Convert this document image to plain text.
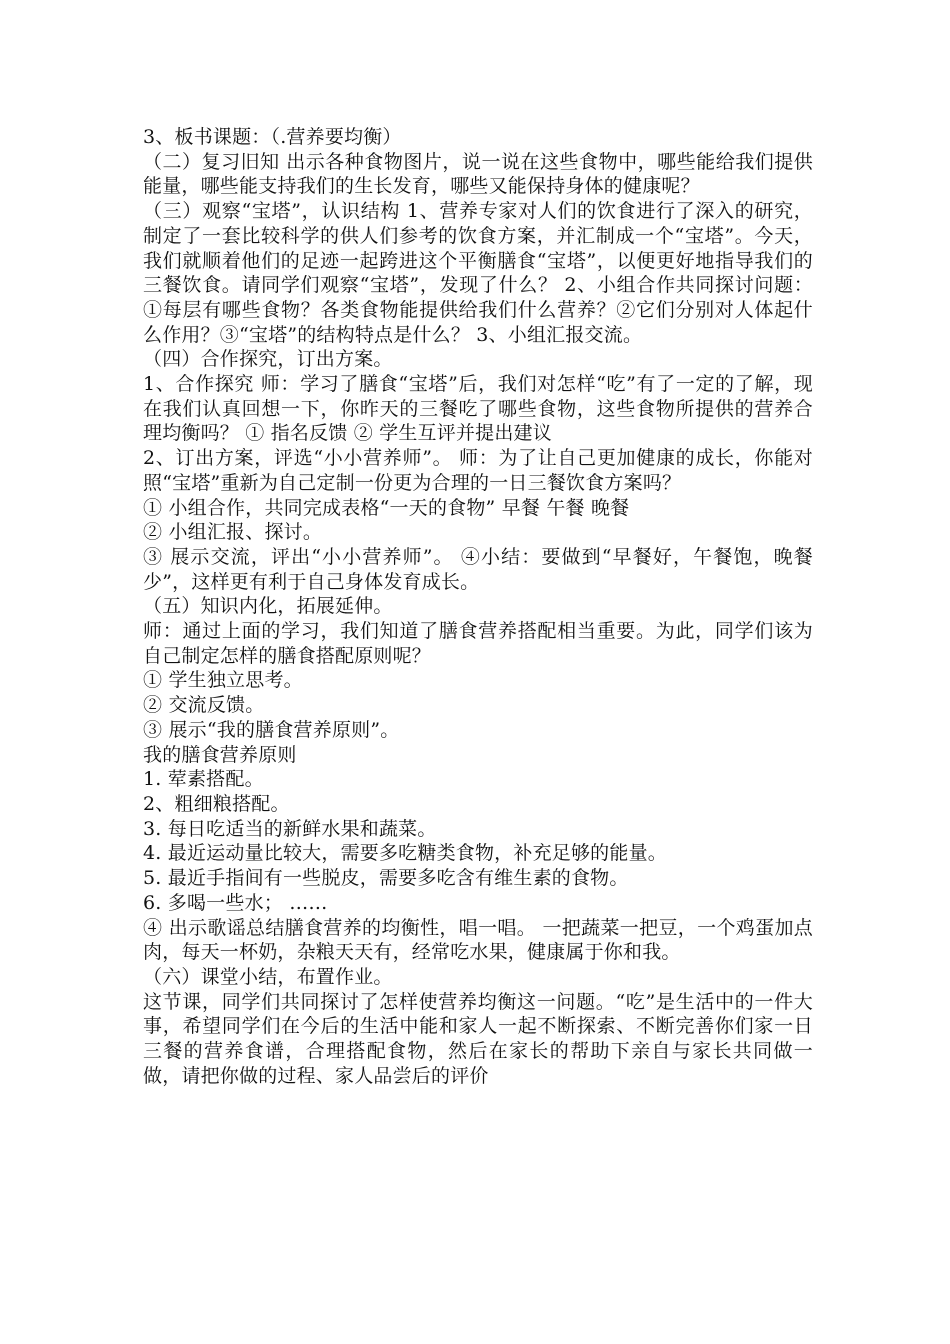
3、板书课题：（.营养要均衡）

（二）复习旧知 出示各种食物图片，说一说在这些食物中，哪些能给我们提供能量，哪些能支持我们的生长发育，哪些又能保持身体的健康呢？

（三）观察“宝塔”，认识结构 1、营养专家对人们的饮食进行了深入的研究，制定了一套比较科学的供人们参考的饮食方案，并汇制成一个“宝塔”。今天，我们就顺着他们的足迹一起跨进这个平衡膳食“宝塔”，以便更好地指导我们的三餐饮食。请同学们观察“宝塔”，发现了什么？ 2、小组合作共同探讨问题：①每层有哪些食物？各类食物能提供给我们什么营养？②它们分别对人体起什么作用？③“宝塔”的结构特点是什么？ 3、小组汇报交流。

（四）合作探究，订出方案。

1、合作探究 师：学习了膳食“宝塔”后，我们对怎样“吃”有了一定的了解，现在我们认真回想一下，你昨天的三餐吃了哪些食物，这些食物所提供的营养合理均衡吗？ ① 指名反馈 ② 学生互评并提出建议

2、订出方案，评选“小小营养师”。 师：为了让自己更加健康的成长，你能对照“宝塔”重新为自己定制一份更为合理的一日三餐饮食方案吗？

① 小组合作，共同完成表格“一天的食物” 早餐 午餐 晚餐

② 小组汇报、探讨。

③ 展示交流，评出“小小营养师”。 ④小结：要做到“早餐好，午餐饱，晚餐少”，这样更有利于自己身体发育成长。

（五）知识内化，拓展延伸。

师：通过上面的学习，我们知道了膳食营养搭配相当重要。为此，同学们该为自己制定怎样的膳食搭配原则呢？

① 学生独立思考。

② 交流反馈。

③ 展示“我的膳食营养原则”。

我的膳食营养原则

1. 荤素搭配。

2、粗细粮搭配。

3. 每日吃适当的新鲜水果和蔬菜。

4. 最近运动量比较大，需要多吃糖类食物，补充足够的能量。

5. 最近手指间有一些脱皮，需要多吃含有维生素的食物。

6. 多喝一些水； ……

④ 出示歌谣总结膳食营养的均衡性，唱一唱。 一把蔬菜一把豆，一个鸡蛋加点肉，每天一杯奶，杂粮天天有，经常吃水果，健康属于你和我。

（六）课堂小结，布置作业。

这节课，同学们共同探讨了怎样使营养均衡这一问题。“吃”是生活中的一件大事，希望同学们在今后的生活中能和家人一起不断探索、不断完善你们家一日三餐的营养食谱，合理搭配食物，然后在家长的帮助下亲自与家长共同做一做，请把你做的过程、家人品尝后的评价
